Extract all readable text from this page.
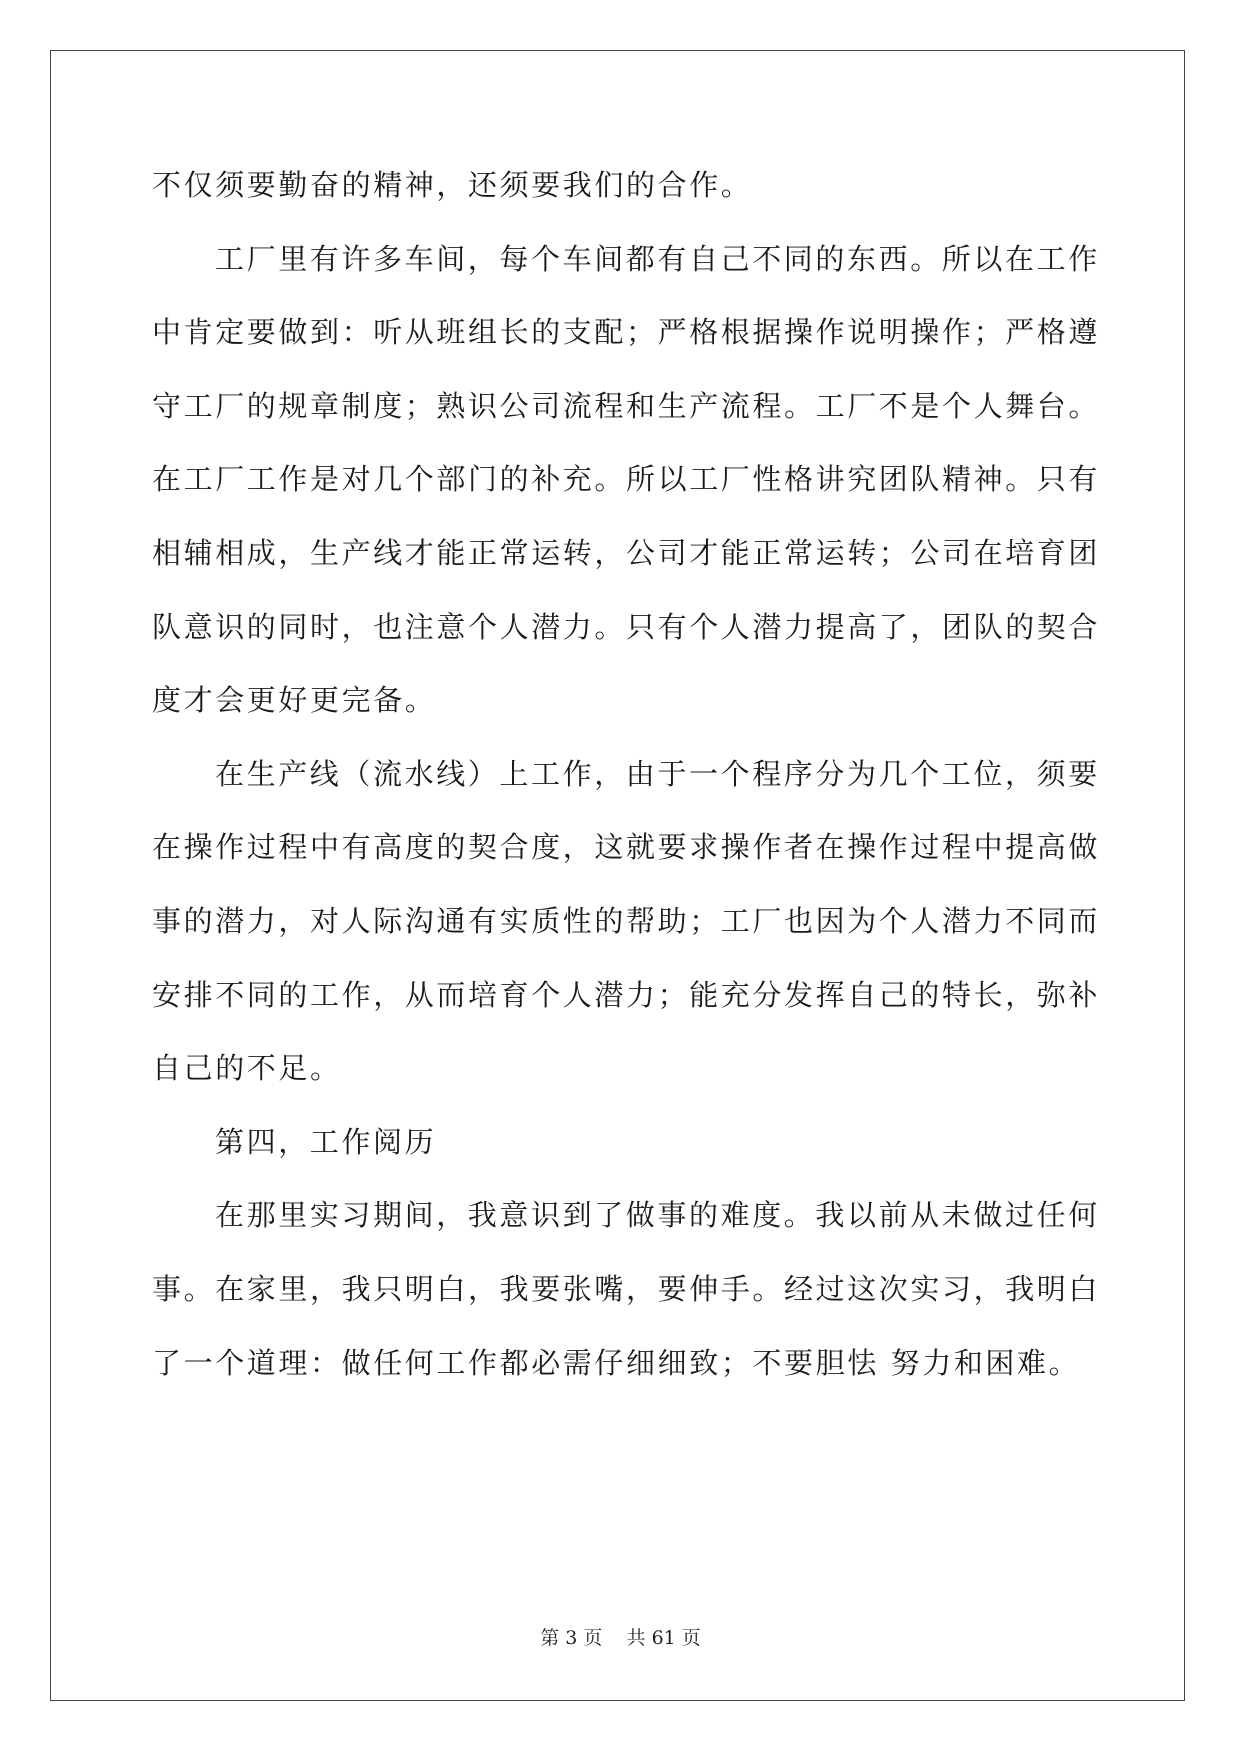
不仅须要勤奋的精神，还须要我们的合作。
工厂里有许多车间，每个车间都有自己不同的东西。所以在工作
中肯定要做到：听从班组长的支配；严格根据操作说明操作；严格遵
守工厂的规章制度；熟识公司流程和生产流程。工厂不是个人舞台。
在工厂工作是对几个部门的补充。所以工厂性格讲究团队精神。只有
相辅相成，生产线才能正常运转，公司才能正常运转；公司在培育团
队意识的同时，也注意个人潜力。只有个人潜力提高了，团队的契合
度才会更好更完备。
在生产线（流水线）上工作，由于一个程序分为几个工位，须要
在操作过程中有高度的契合度，这就要求操作者在操作过程中提高做
事的潜力，对人际沟通有实质性的帮助；工厂也因为个人潜力不同而
安排不同的工作，从而培育个人潜力；能充分发挥自己的特长，弥补
自己的不足。
第四，工作阅历
在那里实习期间，我意识到了做事的难度。我以前从未做过任何
事。在家里，我只明白，我要张嘴，要伸手。经过这次实习，我明白
了一个道理：做任何工作都必需仔细细致；不要胆怯 努力和困难。
第 3 页    共 61 页
